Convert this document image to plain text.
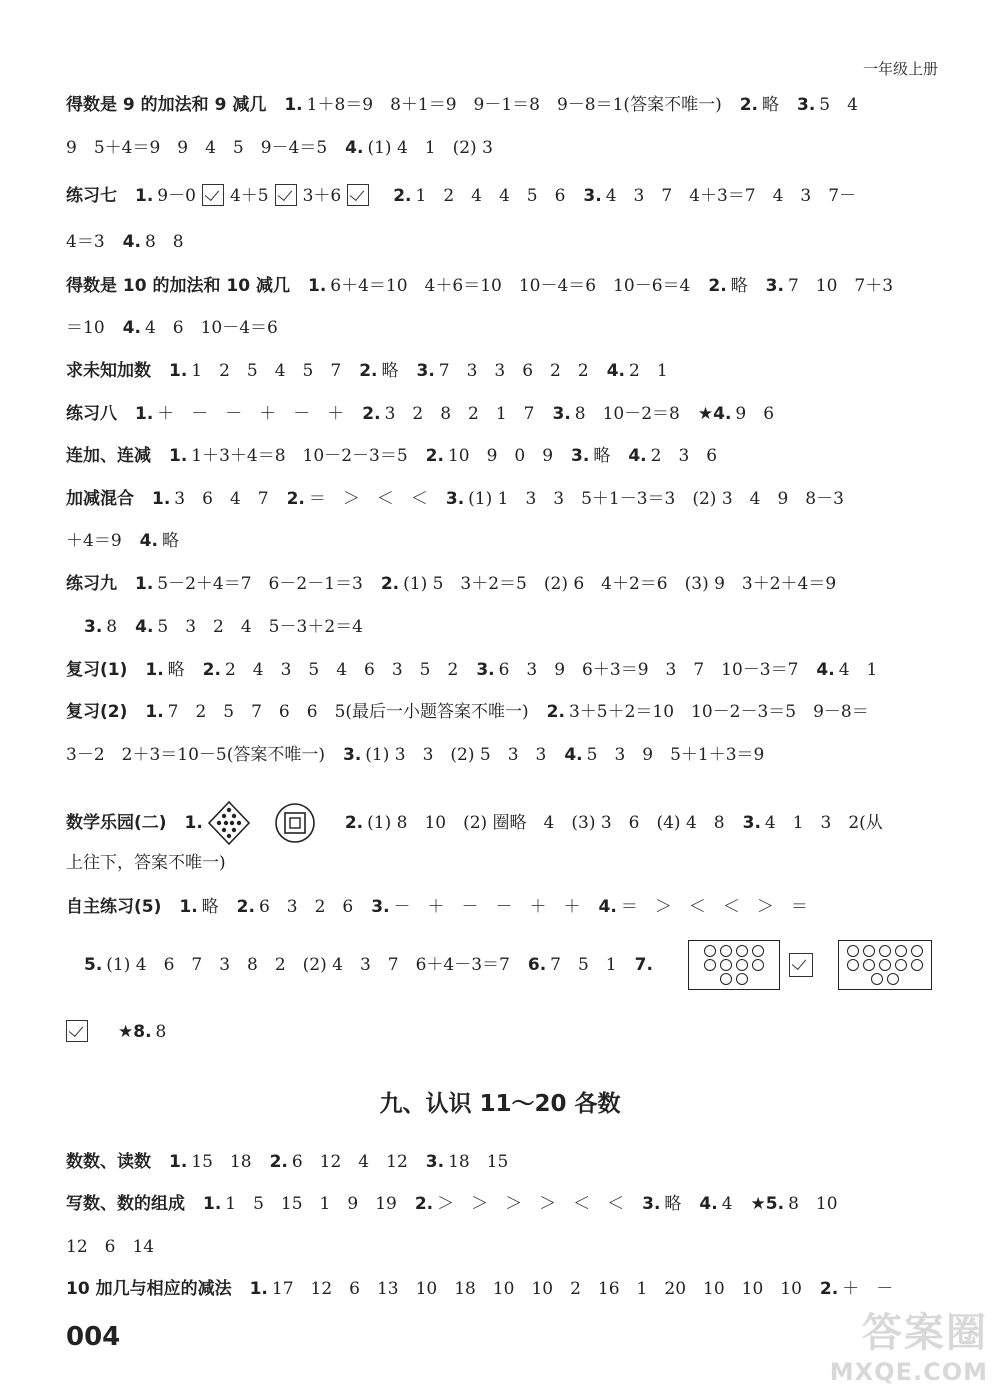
一年级上册
得数是 9 的加法和 9 减几 1. 1＋8＝9　8＋1＝9　9－1＝8　9－8＝1(答案不唯一) 2. 略 3. 5　4
9　5＋4＝9　9　4　5　9－4＝5 4. (1) 4　1　(2) 3
练习七 1. 9－0 4＋5 3＋6	2. 1　2　4　4　5　6 3. 4　3　7　4＋3＝7　4　3　7－
4＝3 4. 8　8
得数是 10 的加法和 10 减几 1. 6＋4＝10　4＋6＝10　10－4＝6　10－6＝4 2. 略 3. 7　10　7＋3
＝10 4. 4　6　10－4＝6
求未知加数 1. 1　2　5　4　5　7 2. 略 3. 7　3　3　6　2　2 4. 2　1
练习八 1. ＋　－　－　＋　－　＋ 2. 3　2　8　2　1　7 3. 8　10－2＝8 ★4. 9　6
连加、连减 1. 1＋3＋4＝8　10－2－3＝5 2. 10　9　0　9 3. 略 4. 2　3　6
加减混合 1. 3　6　4　7 2. ＝　＞　＜　＜ 3. (1) 1　3　3　5＋1－3＝3　(2) 3　4　9　8－3
＋4＝9 4. 略
练习九 1. 5－2＋4＝7　6－2－1＝3 2. (1) 5　3＋2＝5　(2) 6　4＋2＝6　(3) 9　3＋2＋4＝9
3. 8 4. 5　3　2　4　5－3＋2＝4
复习(1) 1. 略 2. 2　4　3　5　4　6　3　5　2 3. 6　3　9　6＋3＝9　3　7　10－3＝7 4. 4　1
复习(2) 1. 7　2　5　7　6　6　5(最后一小题答案不唯一) 2. 3＋5＋2＝10　10－2－3＝5　9－8＝
3－2　2＋3＝10－5(答案不唯一) 3. (1) 3　3　(2) 5　3　3 4. 5　3　9　5＋1＋3＝9
数学乐园(二) 1.	2. (1) 8　10　(2) 圈略　4　(3) 3　6　(4) 4　8 3. 4　1　3　2(从
上往下，答案不唯一)
自主练习(5) 1. 略 2. 6　3　2　6 3. －　＋　－　－　＋　＋ 4. ＝　＞　＜　＜　＞　＝
5. (1) 4　6　7　3　8　2　(2) 4　3　7　6＋4－3＝7 6. 7　5　1 7.
★8. 8
数数、读数 1. 15　18 2. 6　12　4　12 3. 18　15
写数、数的组成 1. 1　5　15　1　9　19 2. ＞　＞　＞　＞　＜　＜ 3. 略 4. 4 ★5. 8　10
12　6　14
10 加几与相应的减法 1. 17　12　6　13　10　18　10　10　2　16　1　20　10　10　10 2. ＋　－
九、认识 11～20 各数
004	答案圈
MXQE.COM
